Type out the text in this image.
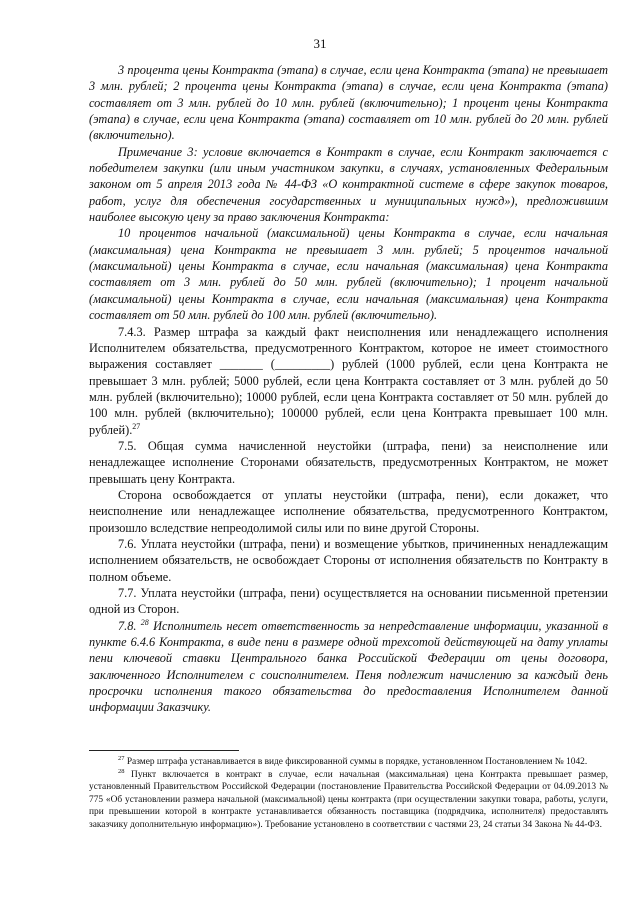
31

3 процента цены Контракта (этапа) в случае, если цена Контракта (этапа) не превышает 3 млн. рублей; 2 процента цены Контракта (этапа) в случае, если цена Контракта (этапа) составляет от 3 млн. рублей до 10 млн. рублей (включительно); 1 процент цены Контракта (этапа) в случае, если цена Контракта (этапа) составляет от 10 млн. рублей до 20 млн. рублей (включительно).

Примечание 3: условие включается в Контракт в случае, если Контракт заключается с победителем закупки (или иным участником закупки, в случаях, установленных Федеральным законом от 5 апреля 2013 года № 44-ФЗ «О контрактной системе в сфере закупок товаров, работ, услуг для обеспечения государственных и муниципальных нужд»), предложившим наиболее высокую цену за право заключения Контракта:

10 процентов начальной (максимальной) цены Контракта в случае, если начальная (максимальная) цена Контракта не превышает 3 млн. рублей; 5 процентов начальной (максимальной) цены Контракта в случае, если начальная (максимальная) цена Контракта составляет от 3 млн. рублей до 50 млн. рублей (включительно); 1 процент начальной (максимальной) цены Контракта в случае, если начальная (максимальная) цена Контракта составляет от 50 млн. рублей до 100 млн. рублей (включительно).

7.4.3. Размер штрафа за каждый факт неисполнения или ненадлежащего исполнения Исполнителем обязательства, предусмотренного Контрактом, которое не имеет стоимостного выражения составляет _______ (_________) рублей (1000 рублей, если цена Контракта не превышает 3 млн. рублей; 5000 рублей, если цена Контракта составляет от 3 млн. рублей до 50 млн. рублей (включительно); 10000 рублей, если цена Контракта составляет от 50 млн. рублей до 100 млн. рублей (включительно); 100000 рублей, если цена Контракта превышает 100 млн. рублей).$^{27}$

7.5. Общая сумма начисленной неустойки (штрафа, пени) за неисполнение или ненадлежащее исполнение Сторонами обязательств, предусмотренных Контрактом, не может превышать цену Контракта.

Сторона освобождается от уплаты неустойки (штрафа, пени), если докажет, что неисполнение или ненадлежащее исполнение обязательства, предусмотренного Контрактом, произошло вследствие непреодолимой силы или по вине другой Стороны.

7.6. Уплата неустойки (штрафа, пени) и возмещение убытков, причиненных ненадлежащим исполнением обязательств, не освобождает Стороны от исполнения обязательств по Контракту в полном объеме.

7.7. Уплата неустойки (штрафа, пени) осуществляется на основании письменной претензии одной из Сторон.

7.8. $^{28}$ Исполнитель несет ответственность за непредставление информации, указанной в пункте 6.4.6 Контракта, в виде пени в размере одной трехсотой действующей на дату уплаты пени ключевой ставки Центрального банка Российской Федерации от цены договора, заключенного Исполнителем с соисполнителем. Пеня подлежит начислению за каждый день просрочки исполнения такого обязательства до предоставления Исполнителем данной информации Заказчику.

$^{27}$ Размер штрафа устанавливается в виде фиксированной суммы в порядке, установленном Постановлением № 1042.

$^{28}$ Пункт включается в контракт в случае, если начальная (максимальная) цена Контракта превышает размер, установленный Правительством Российской Федерации (постановление Правительства Российской Федерации от 04.09.2013 № 775 «Об установлении размера начальной (максимальной) цены контракта (при осуществлении закупки товара, работы, услуги, при превышении которой в контракте устанавливается обязанность поставщика (подрядчика, исполнителя) предоставлять заказчику дополнительную информацию»). Требование установлено в соответствии с частями 23, 24 статьи 34 Закона № 44-ФЗ.
